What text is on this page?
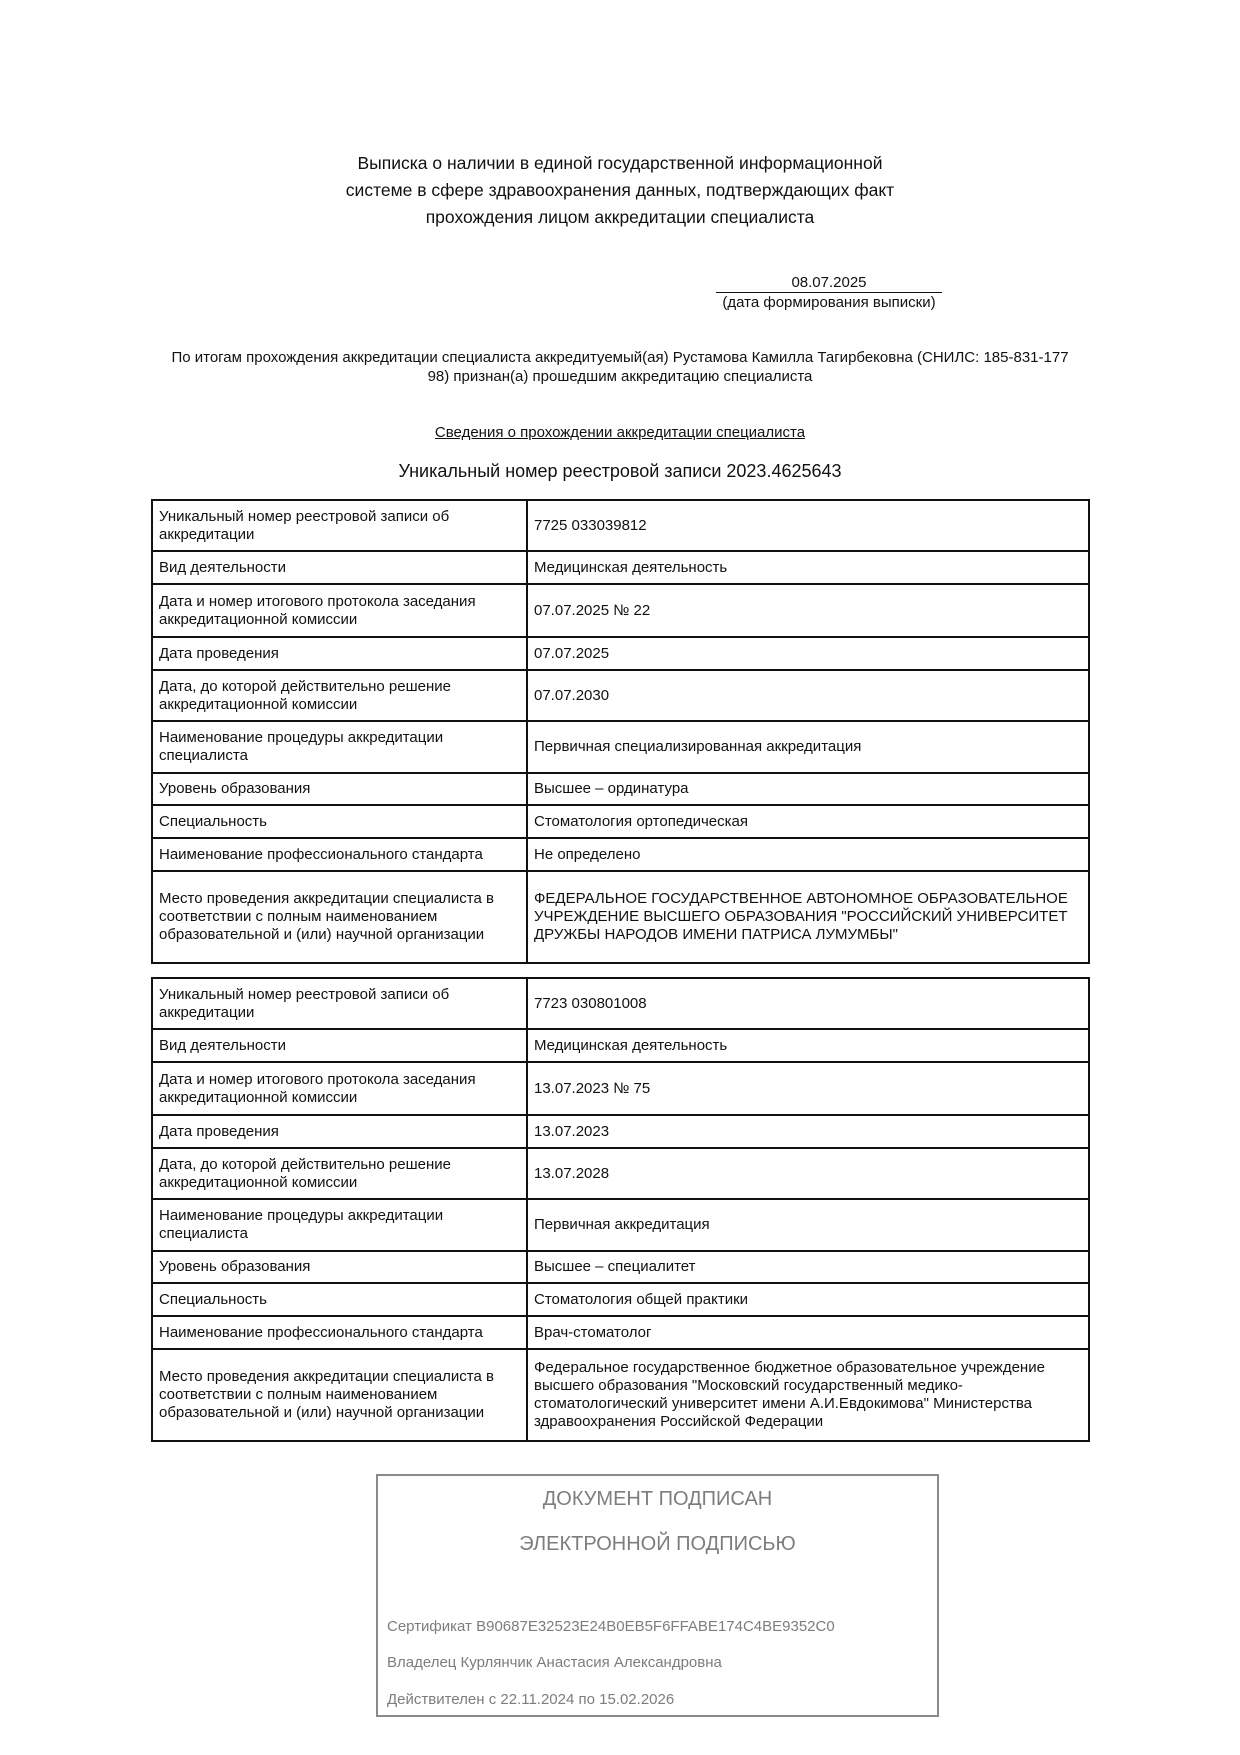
Выписка о наличии в единой государственной информационной
системе в сфере здравоохранения данных, подтверждающих факт
прохождения лицом аккредитации специалиста
08.07.2025
(дата формирования выписки)
По итогам прохождения аккредитации специалиста аккредитуемый(ая) Рустамова Камилла Тагирбековна (СНИЛС: 185-831-177
98) признан(а) прошедшим аккредитацию специалиста
Сведения о прохождении аккредитации специалиста
Уникальный номер реестровой записи 2023.4625643
Уникальный номер реестровой записи об аккредитации	7725 033039812
Вид деятельности	Медицинская деятельность
Дата и номер итогового протокола заседания аккредитационной комиссии	07.07.2025 № 22
Дата проведения	07.07.2025
Дата, до которой действительно решение аккредитационной комиссии	07.07.2030
Наименование процедуры аккредитации специалиста	Первичная специализированная аккредитация
Уровень образования	Высшее – ординатура
Специальность	Стоматология ортопедическая
Наименование профессионального стандарта	Не определено
Место проведения аккредитации специалиста в соответствии с полным наименованием образовательной и (или) научной организации	ФЕДЕРАЛЬНОЕ ГОСУДАРСТВЕННОЕ АВТОНОМНОЕ ОБРАЗОВАТЕЛЬНОЕ УЧРЕЖДЕНИЕ ВЫСШЕГО ОБРАЗОВАНИЯ "РОССИЙСКИЙ УНИВЕРСИТЕТ ДРУЖБЫ НАРОДОВ ИМЕНИ ПАТРИСА ЛУМУМБЫ"
Уникальный номер реестровой записи об аккредитации	7723 030801008
Вид деятельности	Медицинская деятельность
Дата и номер итогового протокола заседания аккредитационной комиссии	13.07.2023 № 75
Дата проведения	13.07.2023
Дата, до которой действительно решение аккредитационной комиссии	13.07.2028
Наименование процедуры аккредитации специалиста	Первичная аккредитация
Уровень образования	Высшее – специалитет
Специальность	Стоматология общей практики
Наименование профессионального стандарта	Врач-стоматолог
Место проведения аккредитации специалиста в соответствии с полным наименованием образовательной и (или) научной организации	Федеральное государственное бюджетное образовательное учреждение высшего образования "Московский государственный медико-стоматологический университет имени А.И.Евдокимова" Министерства здравоохранения Российской Федерации
ДОКУМЕНТ ПОДПИСАН
ЭЛЕКТРОННОЙ ПОДПИСЬЮ
Сертификат B90687E32523E24B0EB5F6FFABE174C4BE9352C0
Владелец Курлянчик Анастасия Александровна
Действителен с 22.11.2024 по 15.02.2026
